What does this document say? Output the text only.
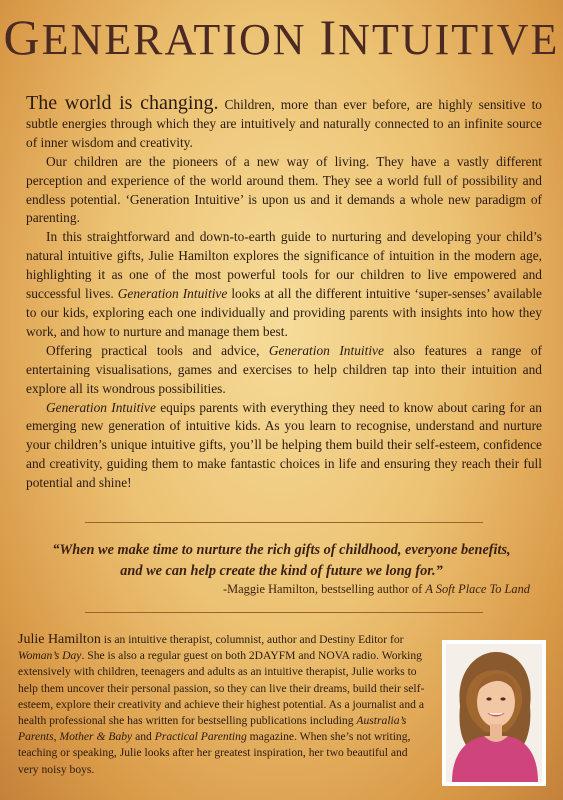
GENERATION INTUITIVE

The world is changing. Children, more than ever before, are highly sensitive to subtle energies through which they are intuitively and naturally connected to an infinite source of inner wisdom and creativity.

Our children are the pioneers of a new way of living. They have a vastly different perception and experience of the world around them. They see a world full of possibility and endless potential. ‘Generation Intuitive’ is upon us and it demands a whole new paradigm of parenting.

In this straightforward and down-to-earth guide to nurturing and developing your child’s natural intuitive gifts, Julie Hamilton explores the significance of intuition in the modern age, highlighting it as one of the most powerful tools for our children to live empowered and successful lives. Generation Intuitive looks at all the different intuitive ‘super-senses’ available to our kids, exploring each one individually and providing parents with insights into how they work, and how to nurture and manage them best.

Offering practical tools and advice, Generation Intuitive also features a range of entertaining visualisations, games and exercises to help children tap into their intuition and explore all its wondrous possibilities.

Generation Intuitive equips parents with everything they need to know about caring for an emerging new generation of intuitive kids. As you learn to recognise, understand and nurture your children’s unique intuitive gifts, you’ll be helping them build their self-esteem, confidence and creativity, guiding them to make fantastic choices in life and ensuring they reach their full potential and shine!

“When we make time to nurture the rich gifts of childhood, everyone benefits,
and we can help create the kind of future we long for.”
-Maggie Hamilton, bestselling author of A Soft Place To Land
Julie Hamilton is an intuitive therapist, columnist, author and Destiny Editor for Woman’s Day. She is also a regular guest on both 2DAYFM and NOVA radio. Working extensively with children, teenagers and adults as an intuitive therapist, Julie works to help them uncover their personal passion, so they can live their dreams, build their self-esteem, explore their creativity and achieve their highest potential. As a journalist and a health professional she has written for bestselling publications including Australia’s Parents, Mother & Baby and Practical Parenting magazine. When she’s not writing, teaching or speaking, Julie looks after her greatest inspiration, her two beautiful and very noisy boys.
